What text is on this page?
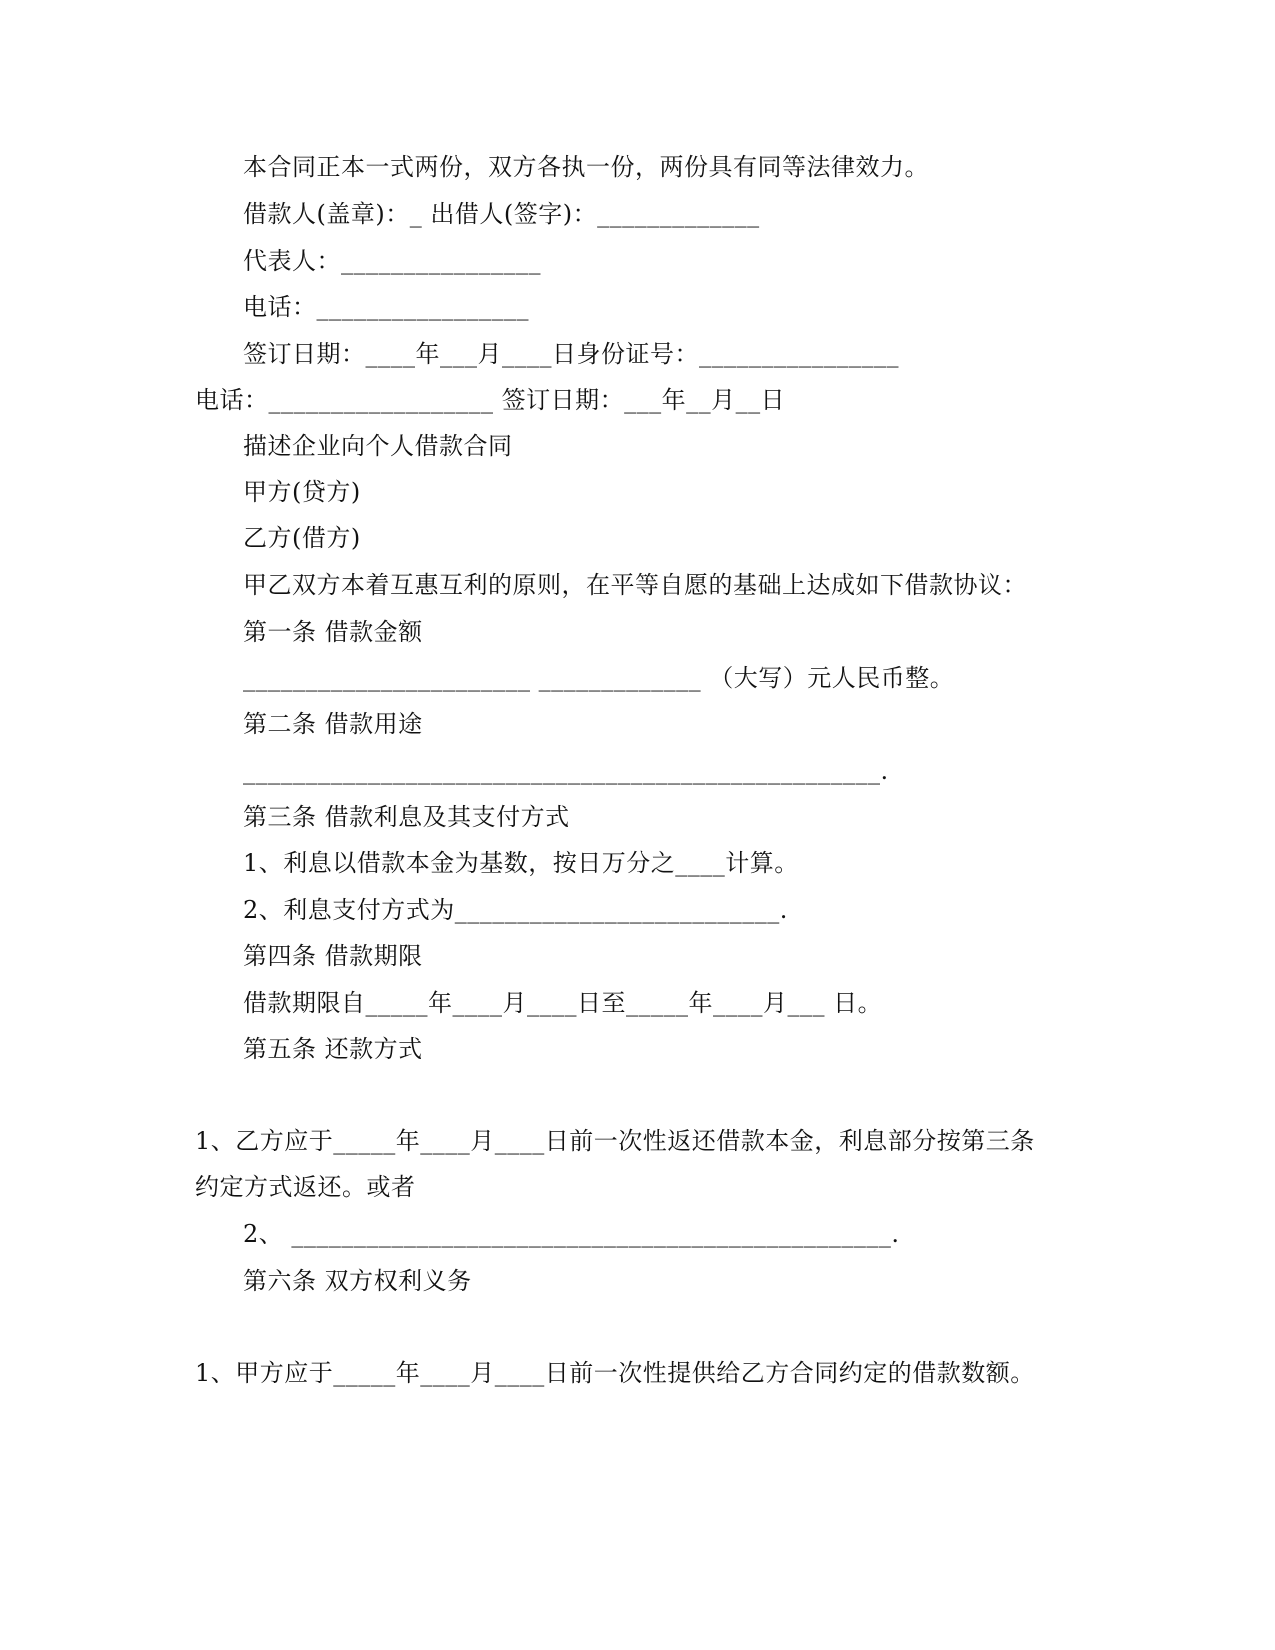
本合同正本一式两份，双方各执一份，两份具有同等法律效力。
借款人(盖章)：_ 出借人(签字)：_____________
代表人：________________
电话：_________________
签订日期：____年___月____日身份证号：________________
电话：__________________ 签订日期：___年__月__日
描述企业向个人借款合同
甲方(贷方)
乙方(借方)
甲乙双方本着互惠互利的原则，在平等自愿的基础上达成如下借款协议：
第一条 借款金额
_______________________ _____________ （大写）元人民币整。
第二条 借款用途
___________________________________________________.
第三条 借款利息及其支付方式
1、利息以借款本金为基数，按日万分之____计算。
2、利息支付方式为__________________________.
第四条 借款期限
借款期限自_____年____月____日至_____年____月___ 日。
第五条 还款方式
1、乙方应于_____年____月____日前一次性返还借款本金，利息部分按第三条
约定方式返还。或者
2、 ________________________________________________.
第六条 双方权利义务
1、甲方应于_____年____月____日前一次性提供给乙方合同约定的借款数额。
